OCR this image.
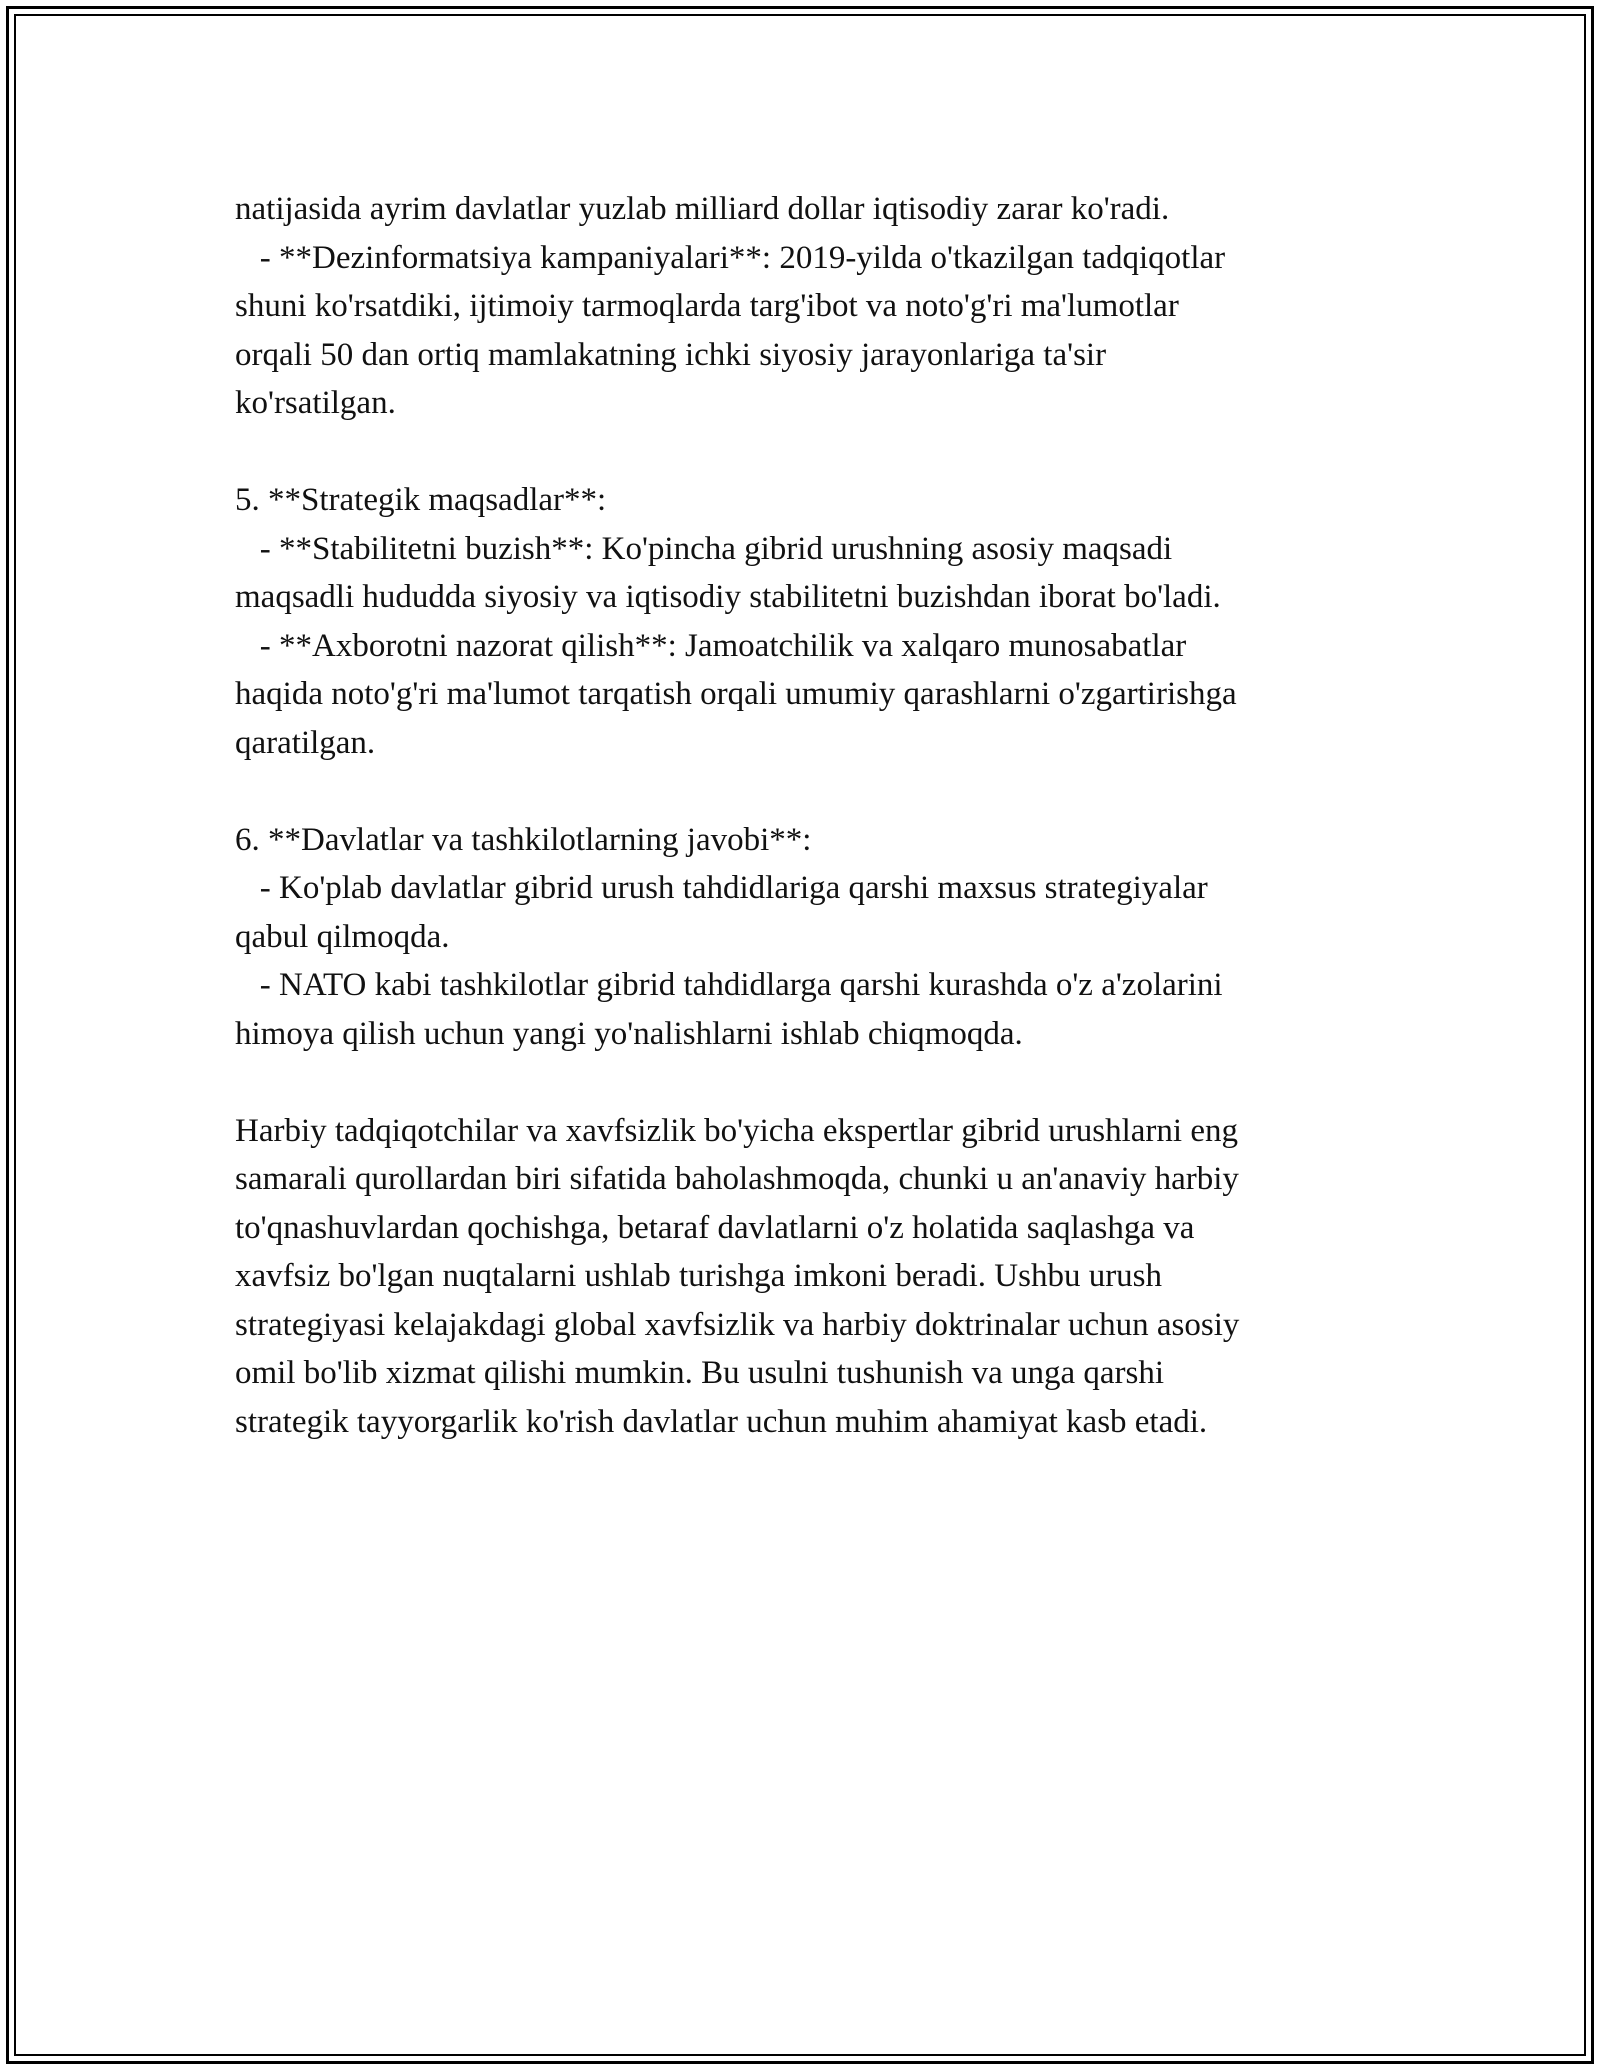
natijasida ayrim davlatlar yuzlab milliard dollar iqtisodiy zarar ko'radi.
- **Dezinformatsiya kampaniyalari**: 2019-yilda o'tkazilgan tadqiqotlar
shuni ko'rsatdiki, ijtimoiy tarmoqlarda targ'ibot va noto'g'ri ma'lumotlar
orqali 50 dan ortiq mamlakatning ichki siyosiy jarayonlariga ta'sir
ko'rsatilgan.
5. **Strategik maqsadlar**:
- **Stabilitetni buzish**: Ko'pincha gibrid urushning asosiy maqsadi
maqsadli hududda siyosiy va iqtisodiy stabilitetni buzishdan iborat bo'ladi.
- **Axborotni nazorat qilish**: Jamoatchilik va xalqaro munosabatlar
haqida noto'g'ri ma'lumot tarqatish orqali umumiy qarashlarni o'zgartirishga
qaratilgan.
6. **Davlatlar va tashkilotlarning javobi**:
- Ko'plab davlatlar gibrid urush tahdidlariga qarshi maxsus strategiyalar
qabul qilmoqda.
- NATO kabi tashkilotlar gibrid tahdidlarga qarshi kurashda o'z a'zolarini
himoya qilish uchun yangi yo'nalishlarni ishlab chiqmoqda.
Harbiy tadqiqotchilar va xavfsizlik bo'yicha ekspertlar gibrid urushlarni eng
samarali qurollardan biri sifatida baholashmoqda, chunki u an'anaviy harbiy
to'qnashuvlardan qochishga, betaraf davlatlarni o'z holatida saqlashga va
xavfsiz bo'lgan nuqtalarni ushlab turishga imkoni beradi. Ushbu urush
strategiyasi kelajakdagi global xavfsizlik va harbiy doktrinalar uchun asosiy
omil bo'lib xizmat qilishi mumkin. Bu usulni tushunish va unga qarshi
strategik tayyorgarlik ko'rish davlatlar uchun muhim ahamiyat kasb etadi.
